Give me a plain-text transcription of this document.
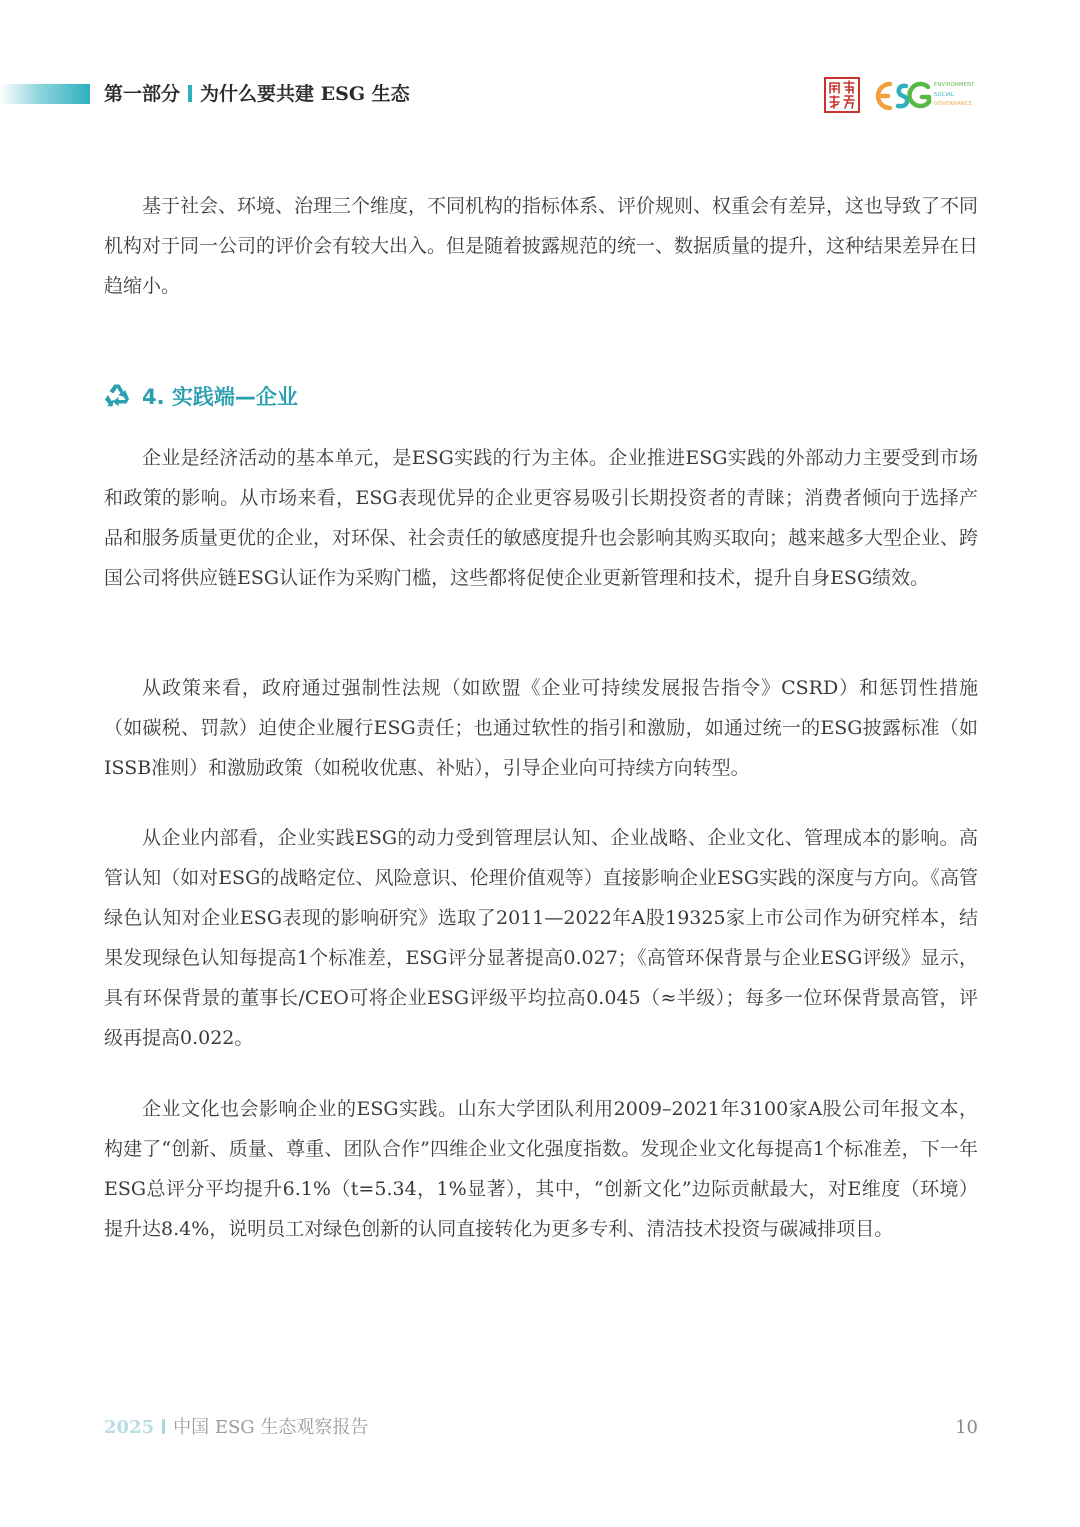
第一部分 为什么要共建 ESG 生态	ENVIRONMENT
SOCIAL
GOVERNANCE

基于社会、环境、治理三个维度，不同机构的指标体系、评价规则、权重会有差异，这也导致了不同机构对于同一公司的评价会有较大出入。但是随着披露规范的统一、数据质量的提升，这种结果差异在日趋缩小。

4. 实践端—企业

企业是经济活动的基本单元，是ESG实践的行为主体。企业推进ESG实践的外部动力主要受到市场和政策的影响。从市场来看，ESG表现优异的企业更容易吸引长期投资者的青睐；消费者倾向于选择产品和服务质量更优的企业，对环保、社会责任的敏感度提升也会影响其购买取向；越来越多大型企业、跨国公司将供应链ESG认证作为采购门槛，这些都将促使企业更新管理和技术，提升自身ESG绩效。

从政策来看，政府通过强制性法规（如欧盟《企业可持续发展报告指令》CSRD）和惩罚性措施（如碳税、罚款）迫使企业履行ESG责任；也通过软性的指引和激励，如通过统一的ESG披露标准（如ISSB准则）和激励政策（如税收优惠、补贴），引导企业向可持续方向转型。

从企业内部看，企业实践ESG的动力受到管理层认知、企业战略、企业文化、管理成本的影响。高管认知（如对ESG的战略定位、风险意识、伦理价值观等）直接影响企业ESG实践的深度与方向。《高管绿色认知对企业ESG表现的影响研究》选取了2011—2022年A股19325家上市公司作为研究样本，结果发现绿色认知每提高1个标准差，ESG评分显著提高0.027；《高管环保背景与企业ESG评级》显示，具有环保背景的董事长/CEO可将企业ESG评级平均拉高0.045（≈半级）；每多一位环保背景高管，评级再提高0.022。

企业文化也会影响企业的ESG实践。山东大学团队利用2009–2021年3100家A股公司年报文本，构建了“创新、质量、尊重、团队合作”四维企业文化强度指数。发现企业文化每提高1个标准差，下一年ESG总评分平均提升6.1%（t=5.34，1%显著），其中，“创新文化”边际贡献最大，对E维度（环境）提升达8.4%，说明员工对绿色创新的认同直接转化为更多专利、清洁技术投资与碳减排项目。

2025 中国 ESG 生态观察报告	10
